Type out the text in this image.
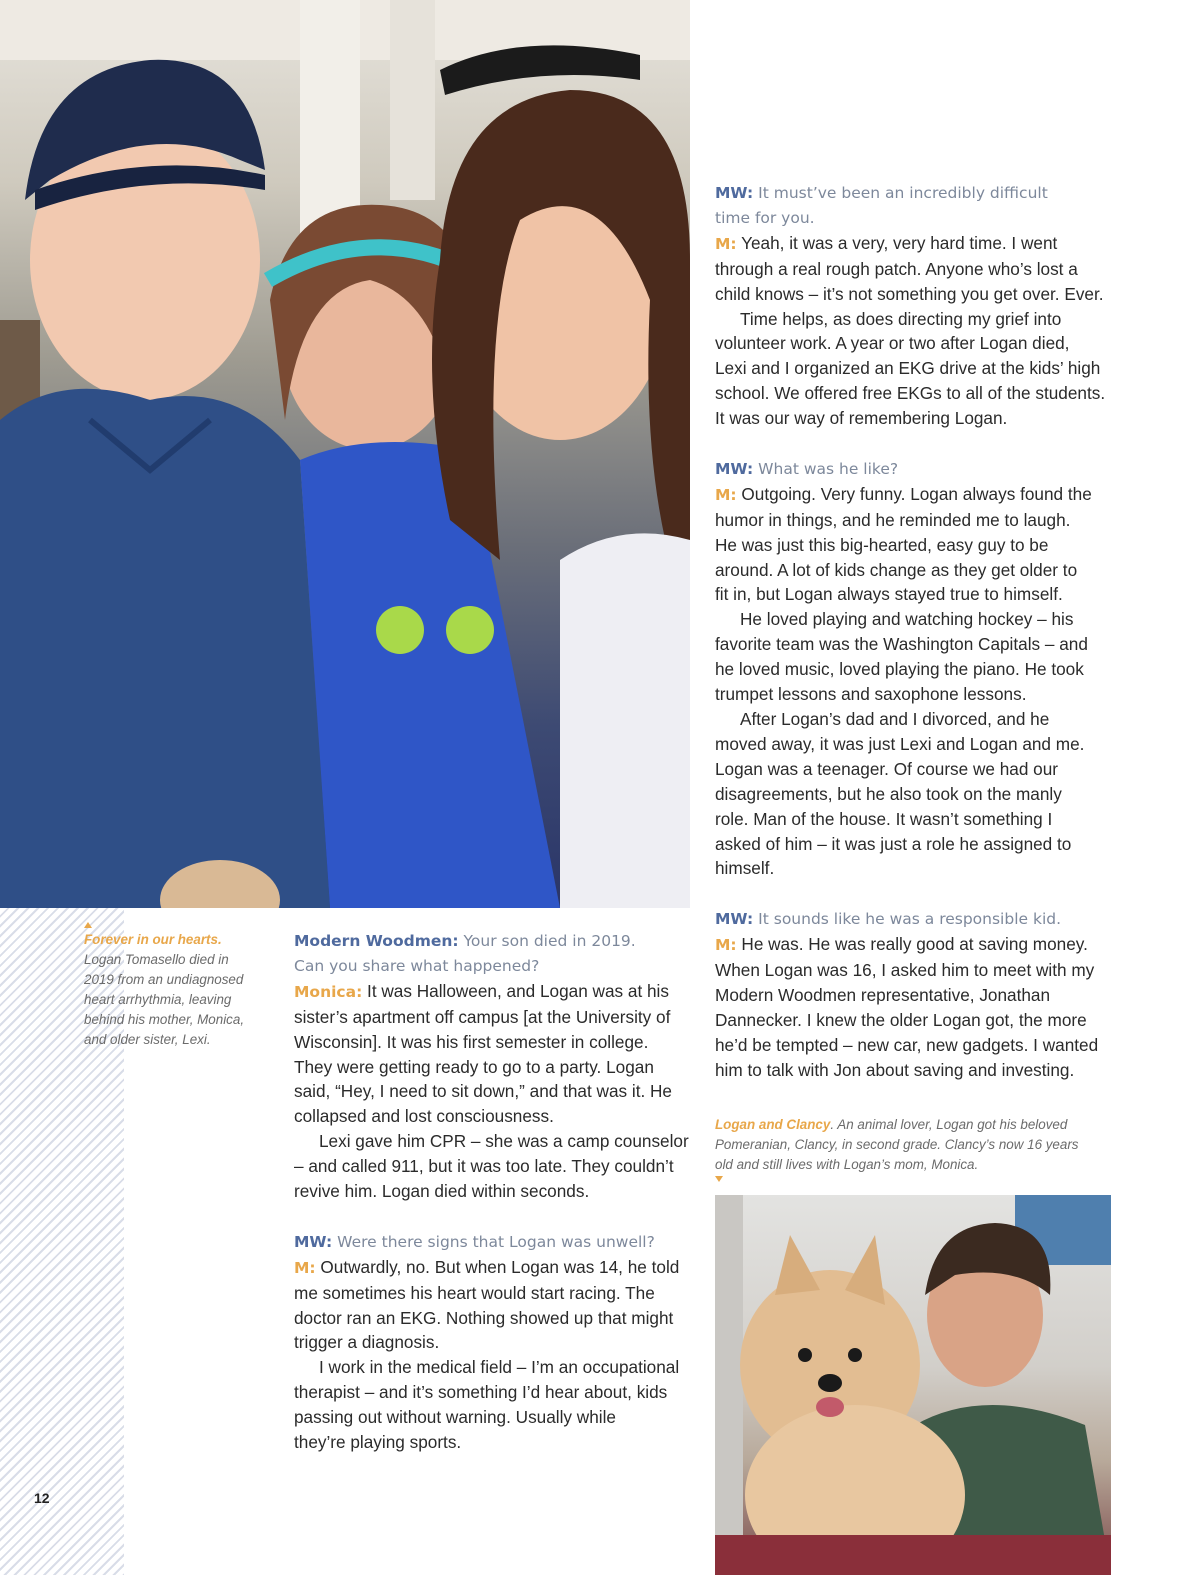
Forever in our hearts.
Logan Tomasello died in
2019 from an undiagnosed
heart arrhythmia, leaving
behind his mother, Monica,
and older sister, Lexi.

Modern Woodmen: Your son died in 2019.

Can you share what happened?

Monica: It was Halloween, and Logan was at his

sister’s apartment off campus [at the University of

Wisconsin]. It was his first semester in college.

They were getting ready to go to a party. Logan

said, “Hey, I need to sit down,” and that was it. He

collapsed and lost consciousness.

Lexi gave him CPR – she was a camp counselor

– and called 911, but it was too late. They couldn’t

revive him. Logan died within seconds.

MW: Were there signs that Logan was unwell?

M: Outwardly, no. But when Logan was 14, he told

me sometimes his heart would start racing. The

doctor ran an EKG. Nothing showed up that might

trigger a diagnosis.

I work in the medical field – I’m an occupational

therapist – and it’s something I’d hear about, kids

passing out without warning. Usually while

they’re playing sports.

MW: It must’ve been an incredibly difficult

time for you.

M: Yeah, it was a very, very hard time. I went

through a real rough patch. Anyone who’s lost a

child knows – it’s not something you get over. Ever.

Time helps, as does directing my grief into

volunteer work. A year or two after Logan died,

Lexi and I organized an EKG drive at the kids’ high

school. We offered free EKGs to all of the students.

It was our way of remembering Logan.

MW: What was he like?

M: Outgoing. Very funny. Logan always found the

humor in things, and he reminded me to laugh.

He was just this big-hearted, easy guy to be

around. A lot of kids change as they get older to

fit in, but Logan always stayed true to himself.

He loved playing and watching hockey – his

favorite team was the Washington Capitals – and

he loved music, loved playing the piano. He took

trumpet lessons and saxophone lessons.

After Logan’s dad and I divorced, and he

moved away, it was just Lexi and Logan and me.

Logan was a teenager. Of course we had our

disagreements, but he also took on the manly

role. Man of the house. It wasn’t something I

asked of him – it was just a role he assigned to

himself.

MW: It sounds like he was a responsible kid.

M: He was. He was really good at saving money.

When Logan was 16, I asked him to meet with my

Modern Woodmen representative, Jonathan

Dannecker. I knew the older Logan got, the more

he’d be tempted – new car, new gadgets. I wanted

him to talk with Jon about saving and investing.

Logan and Clancy. An animal lover, Logan got his beloved
Pomeranian, Clancy, in second grade. Clancy’s now 16 years
old and still lives with Logan’s mom, Monica.
12
